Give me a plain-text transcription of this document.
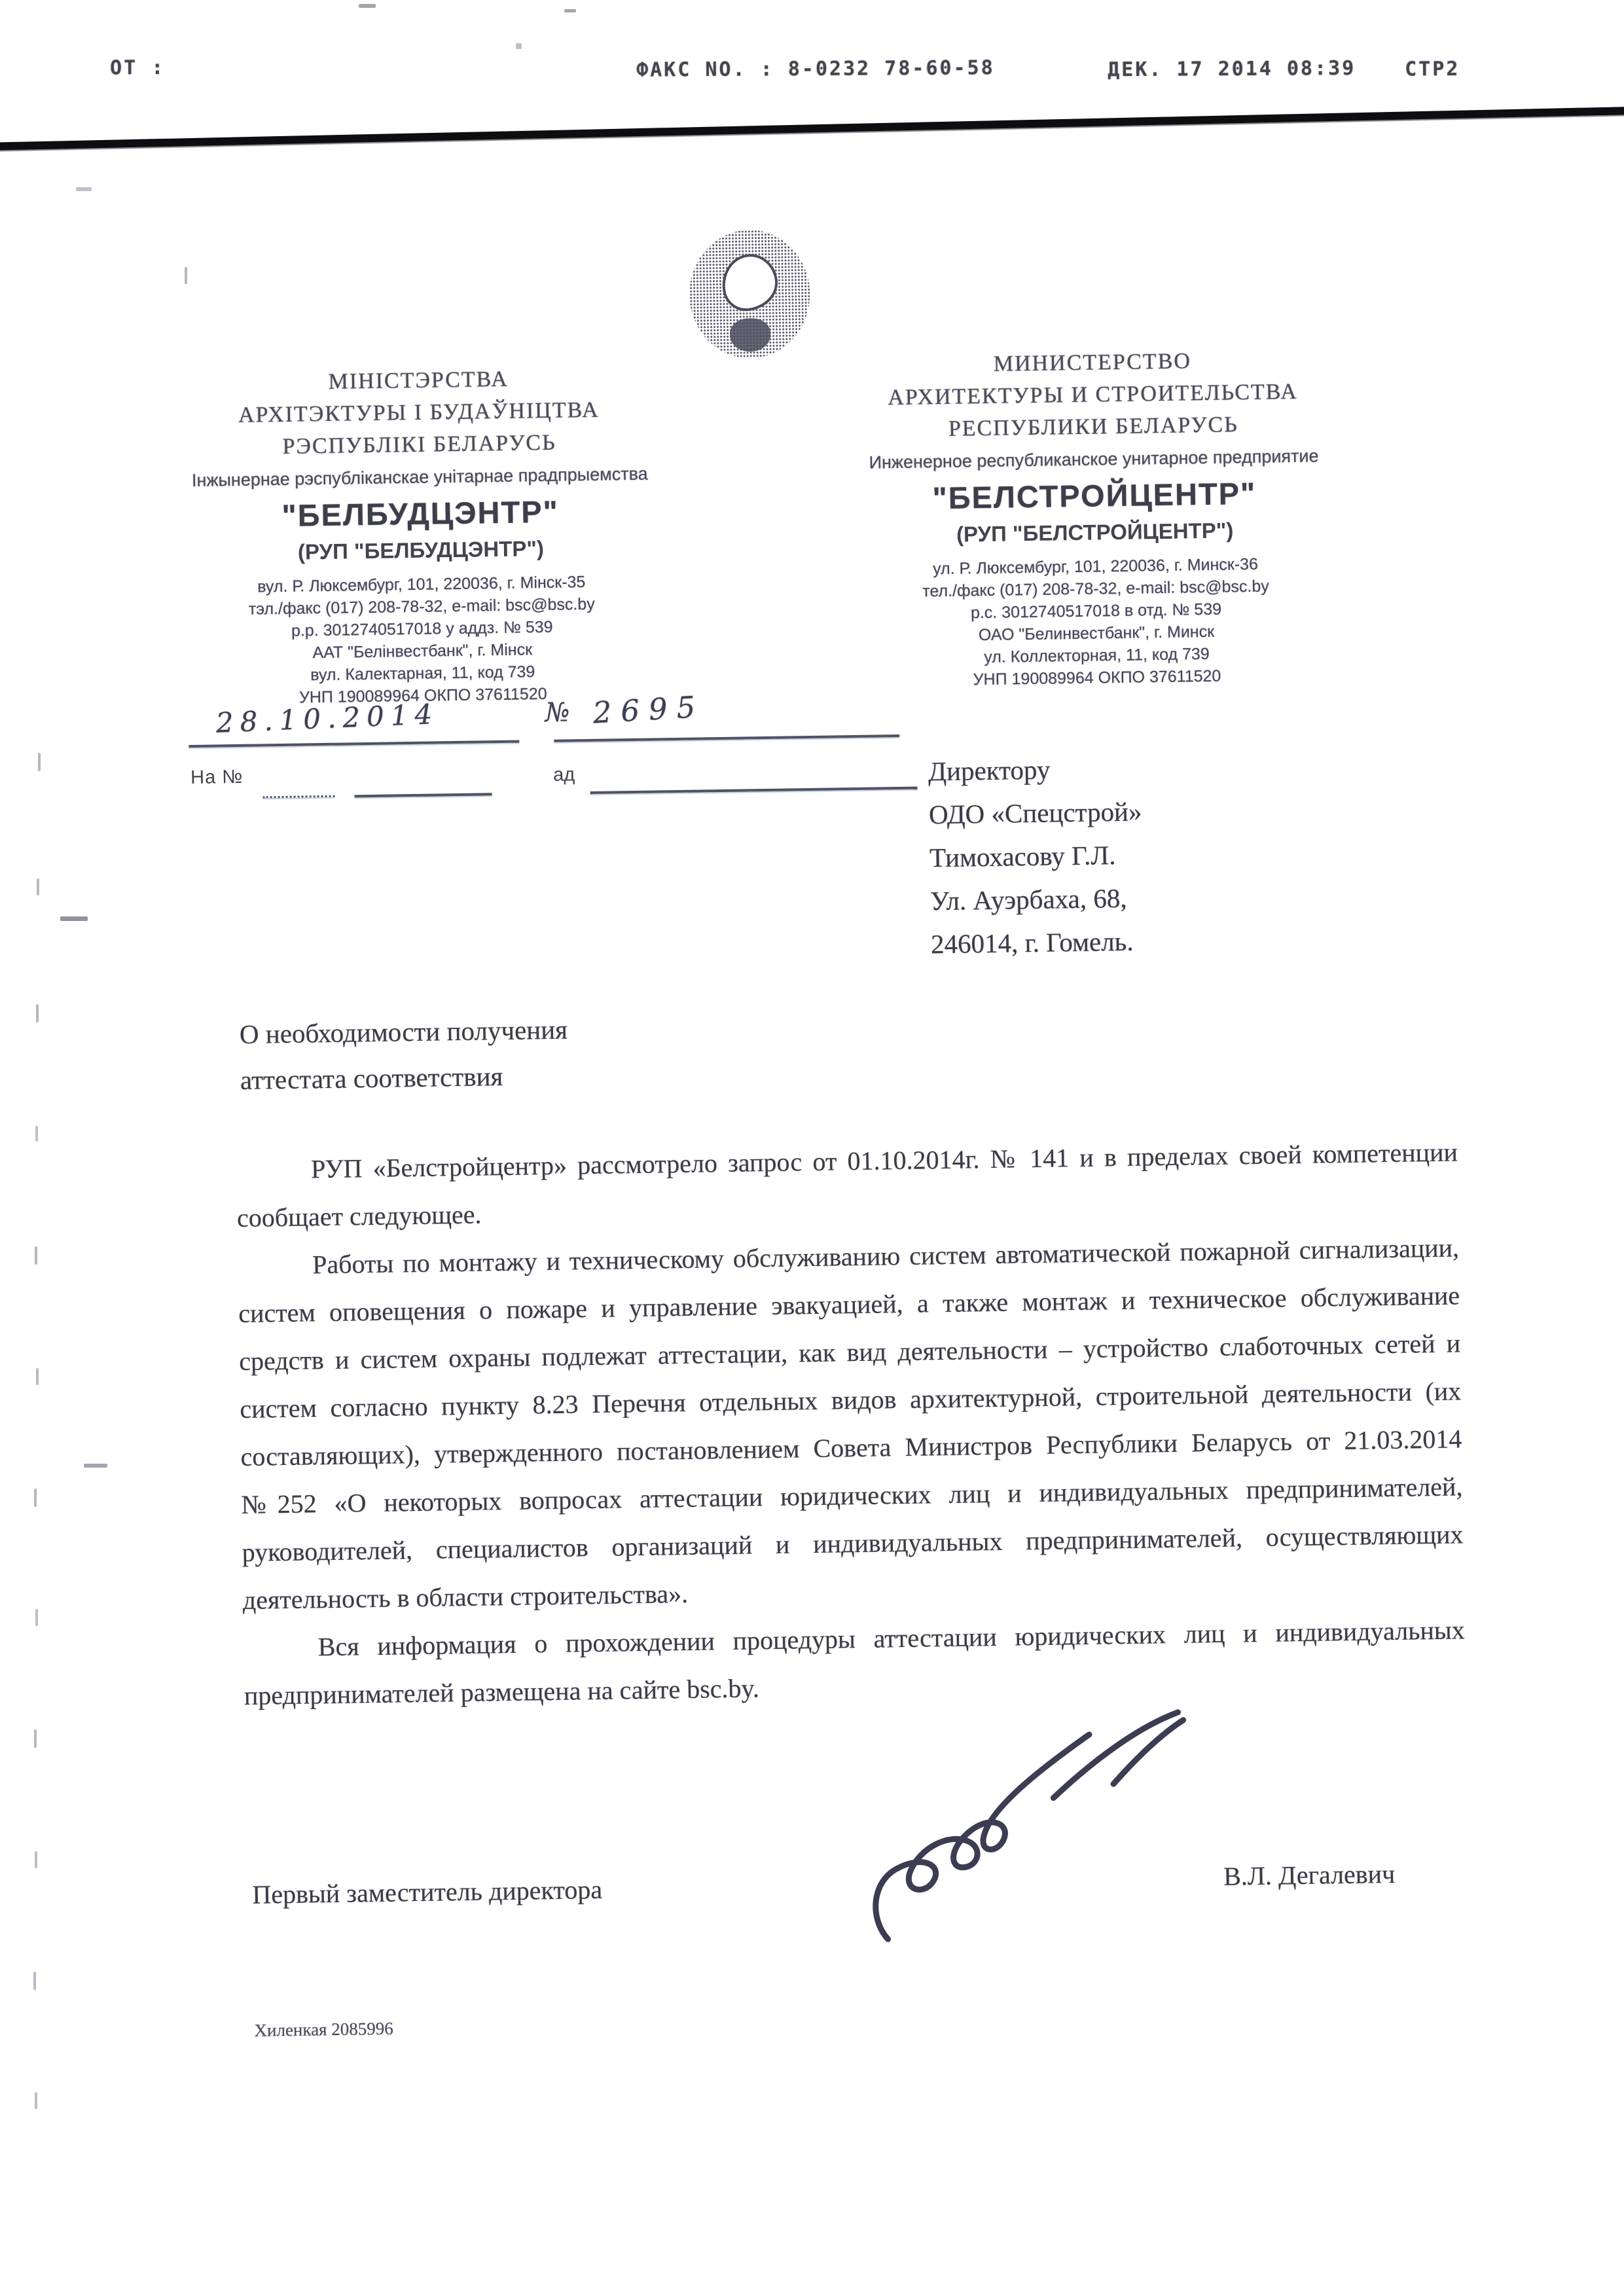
ОТ :	ФАКС NO. : 8-0232 78-60-58	ДЕК. 17 2014 08:39 СТР2
МІНІСТЭРСТВА
АРХІТЭКТУРЫ І БУДАЎНІЦТВА
РЭСПУБЛІКІ БЕЛАРУСЬ
Інжынернае рэспубліканскае унітарнае прадпрыемства
"БЕЛБУДЦЭНТР"
(РУП "БЕЛБУДЦЭНТР")
вул. Р. Люксембург, 101, 220036, г. Мінск-35
тэл./факс (017) 208-78-32, e-mail: bsc@bsc.by
р.р. 3012740517018 у аддз. № 539
ААТ "Белінвестбанк", г. Мінск
вул. Калектарная, 11, код 739
УНП 190089964 ОКПО 37611520
МИНИСТЕРСТВО
АРХИТЕКТУРЫ И СТРОИТЕЛЬСТВА
РЕСПУБЛИКИ БЕЛАРУСЬ
Инженерное республиканское унитарное предприятие
"БЕЛСТРОЙЦЕНТР"
(РУП "БЕЛСТРОЙЦЕНТР")
ул. Р. Люксембург, 101, 220036, г. Минск-36
тел./факс (017) 208-78-32, e-mail: bsc@bsc.by
р.с. 3012740517018 в отд. № 539
ОАО "Белинвестбанк", г. Минск
ул. Коллекторная, 11, код 739
УНП 190089964 ОКПО 37611520
28.10.2014	№ 2695
На №	ад	Директору
ОДО «Спецстрой»
Тимохасову Г.Л.
Ул. Ауэрбаха, 68,
246014, г. Гомель.
О необходимости получения
аттестата соответствия

РУП «Белстройцентр» рассмотрело запрос от 01.10.2014г. № 141 и в пределах своей компетенции сообщает следующее.

Работы по монтажу и техническому обслуживанию систем автоматической пожарной сигнализации, систем оповещения о пожаре и управление эвакуацией, а также монтаж и техническое обслуживание средств и систем охраны подлежат аттестации, как вид деятельности – устройство слаботочных сетей и систем согласно пункту 8.23 Перечня отдельных видов архитектурной, строительной деятельности (их составляющих), утвержденного постановлением Совета Министров Республики Беларусь от 21.03.2014 №252 «О некоторых вопросах аттестации юридических лиц и индивидуальных предпринимателей, руководителей, специалистов организаций и индивидуальных предпринимателей, осуществляющих деятельность в области строительства».

Вся информация о прохождении процедуры аттестации юридических лиц и индивидуальных предпринимателей размещена на сайте bsc.by.

Первый заместитель директора	В.Л. Дегалевич
Хиленкая 2085996
